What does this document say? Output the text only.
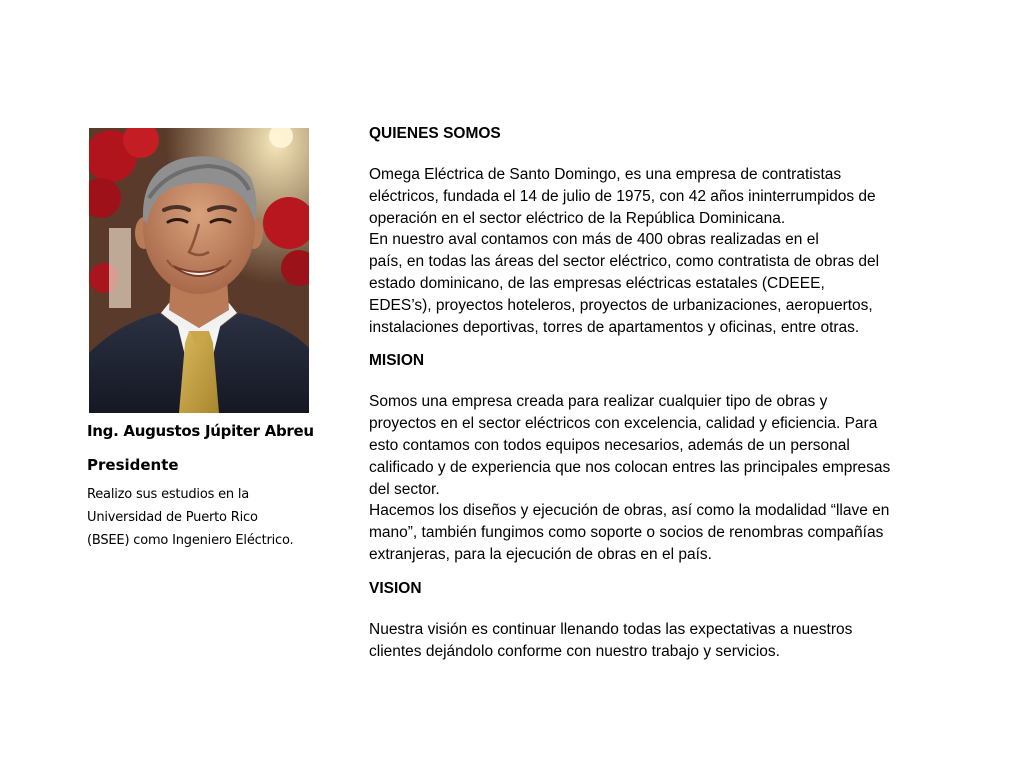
Ing. Augustos Júpiter Abreu
Presidente
Realizo sus estudios en la
Universidad de Puerto Rico
(BSEE) como Ingeniero Eléctrico.
QUIENES SOMOS
Omega Eléctrica de Santo Domingo, es una empresa de contratistas
eléctricos, fundada el 14 de julio de 1975, con 42 años ininterrumpidos de
operación en el sector eléctrico de la República Dominicana.
En nuestro aval contamos con más de 400 obras realizadas en el
país, en todas las áreas del sector eléctrico, como contratista de obras del
estado dominicano, de las empresas eléctricas estatales (CDEEE,
EDES’s), proyectos hoteleros, proyectos de urbanizaciones, aeropuertos,
instalaciones deportivas, torres de apartamentos y oficinas, entre otras.
MISION
Somos una empresa creada para realizar cualquier tipo de obras y
proyectos en el sector eléctricos con excelencia, calidad y eficiencia. Para
esto contamos con todos equipos necesarios, además de un personal
calificado y de experiencia que nos colocan entres las principales empresas
del sector.
Hacemos los diseños y ejecución de obras, así como la modalidad “llave en
mano”, también fungimos como soporte o socios de renombras compañías
extranjeras, para la ejecución de obras en el país.
VISION
Nuestra visión es continuar llenando todas las expectativas a nuestros
clientes dejándolo conforme con nuestro trabajo y servicios.
